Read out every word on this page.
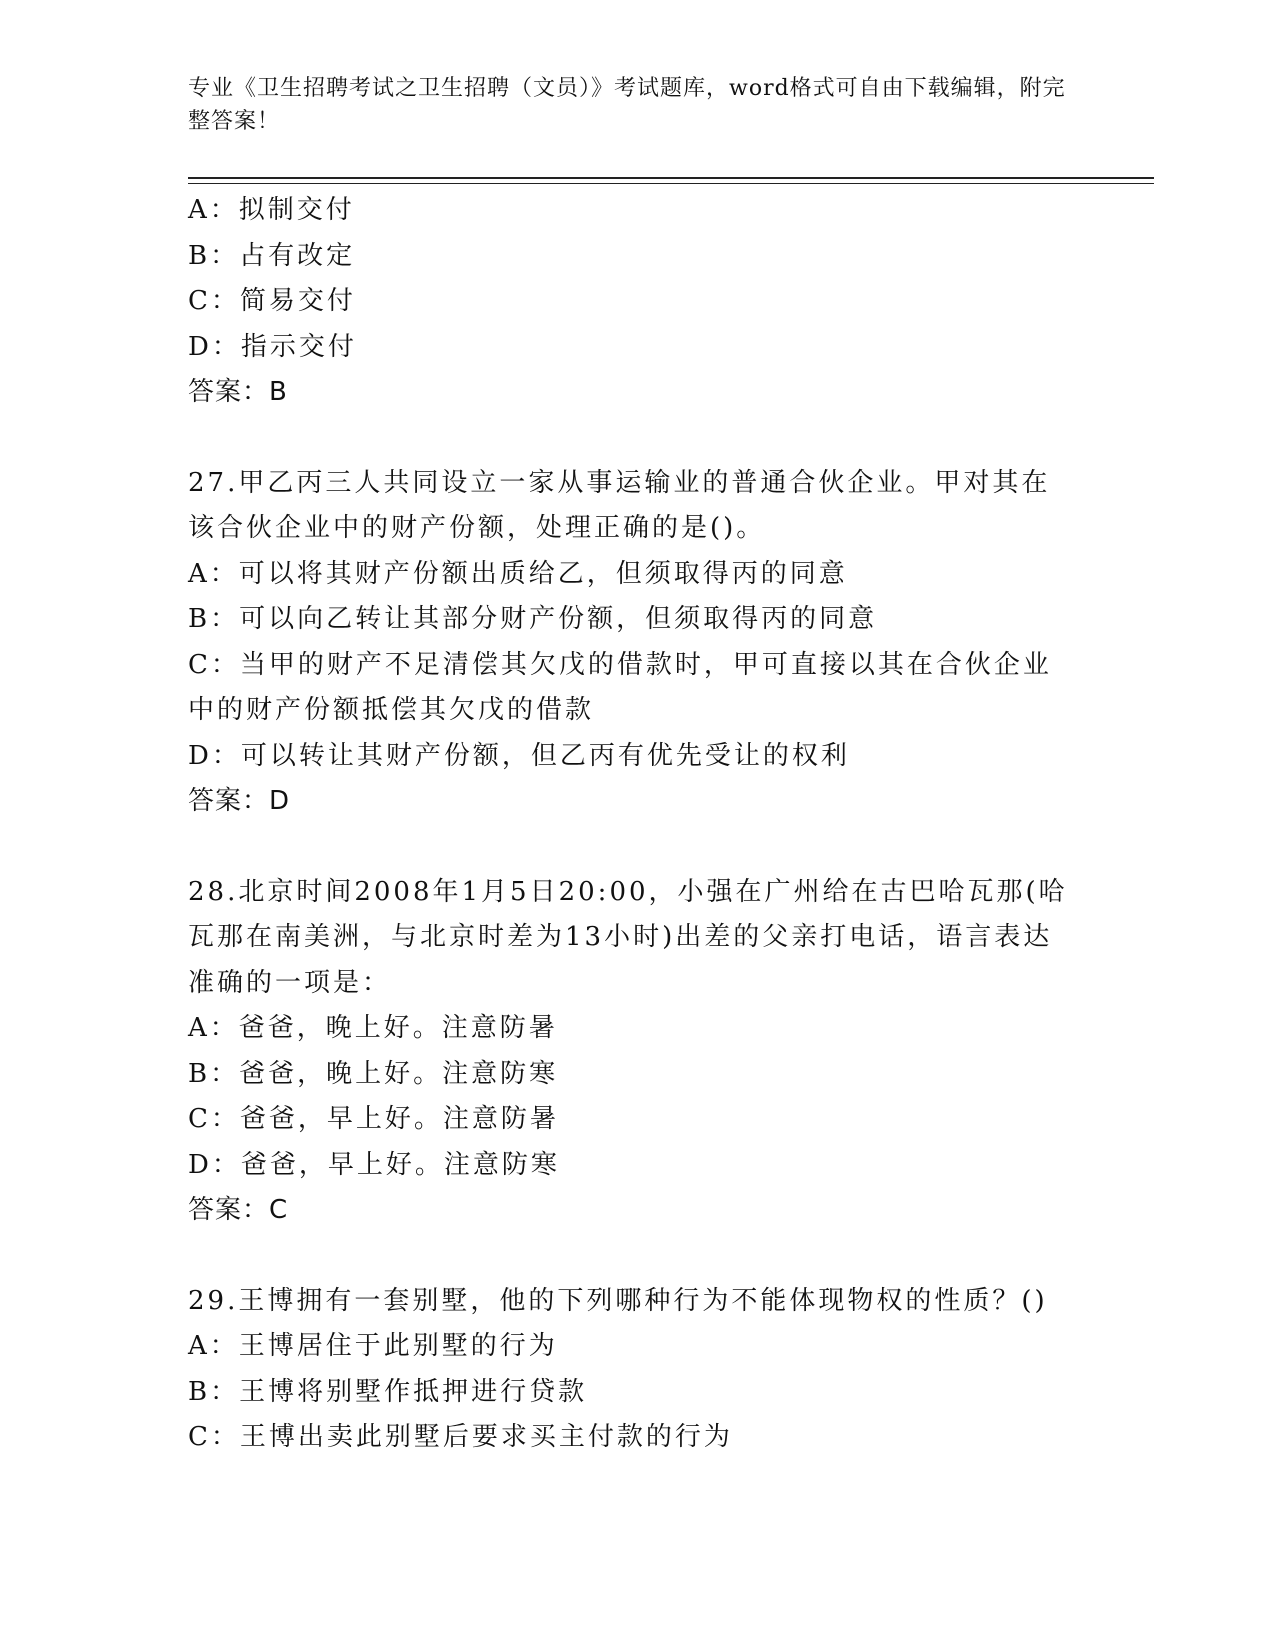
专业《卫生招聘考试之卫生招聘（文员）》考试题库，word格式可自由下载编辑，附完整答案！
A：拟制交付
B：占有改定
C：简易交付
D：指示交付
答案：B
27.甲乙丙三人共同设立一家从事运输业的普通合伙企业。甲对其在该合伙企业中的财产份额，处理正确的是()。
A：可以将其财产份额出质给乙，但须取得丙的同意
B：可以向乙转让其部分财产份额，但须取得丙的同意
C：当甲的财产不足清偿其欠戊的借款时，甲可直接以其在合伙企业中的财产份额抵偿其欠戊的借款
D：可以转让其财产份额，但乙丙有优先受让的权利
答案：D
28.北京时间2008年1月5日20:00，小强在广州给在古巴哈瓦那(哈瓦那在南美洲，与北京时差为13小时)出差的父亲打电话，语言表达准确的一项是：
A：爸爸，晚上好。注意防暑
B：爸爸，晚上好。注意防寒
C：爸爸，早上好。注意防暑
D：爸爸，早上好。注意防寒
答案：C
29.王博拥有一套别墅，他的下列哪种行为不能体现物权的性质？()
A：王博居住于此别墅的行为
B：王博将别墅作抵押进行贷款
C：王博出卖此别墅后要求买主付款的行为
